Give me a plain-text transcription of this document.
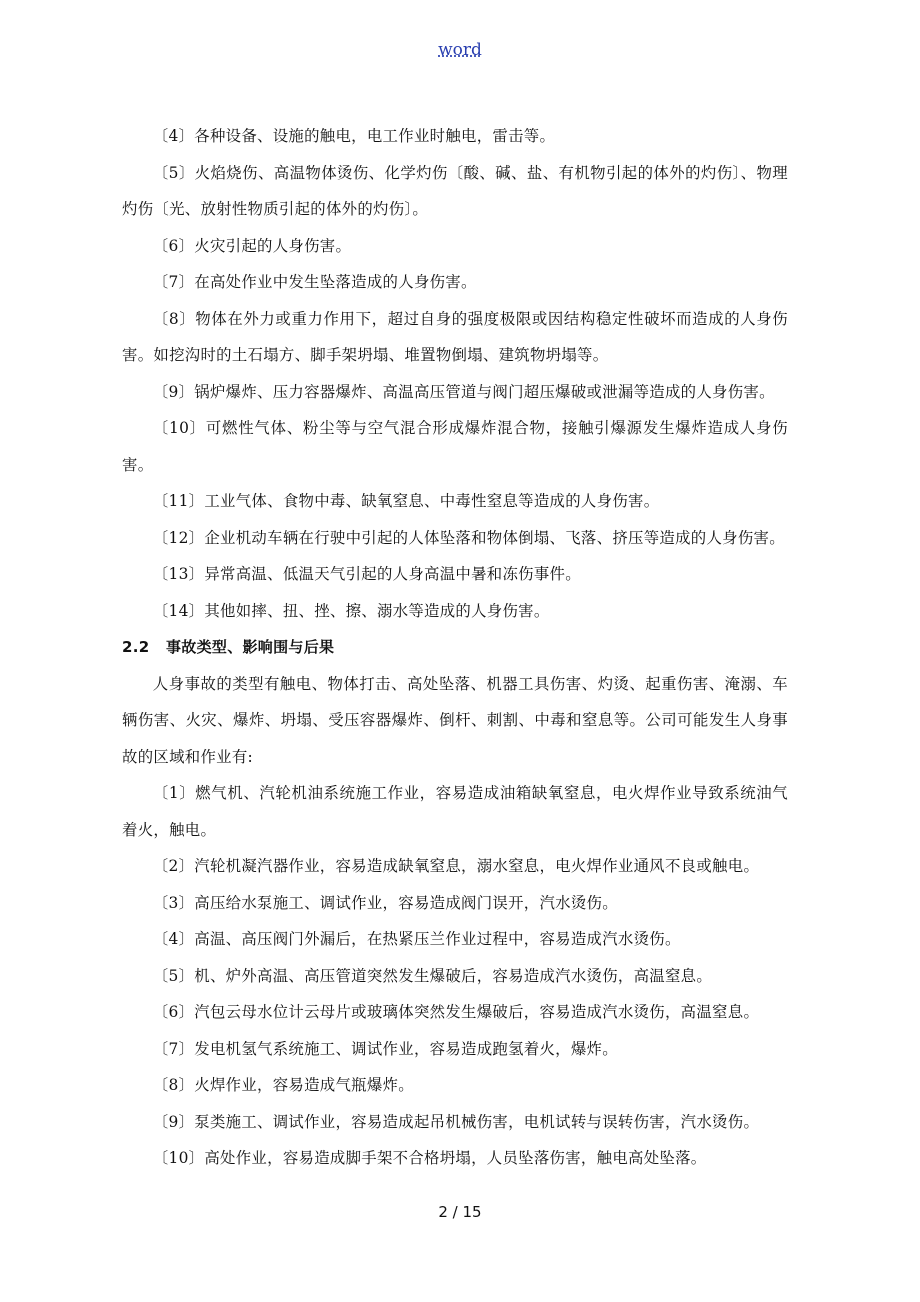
word

〔4〕各种设备、设施的触电，电工作业时触电，雷击等。

〔5〕火焰烧伤、高温物体烫伤、化学灼伤〔酸、碱、盐、有机物引起的体外的灼伤〕、物理灼伤〔光、放射性物质引起的体外的灼伤〕。

〔6〕火灾引起的人身伤害。

〔7〕在高处作业中发生坠落造成的人身伤害。

〔8〕物体在外力或重力作用下，超过自身的强度极限或因结构稳定性破坏而造成的人身伤害。如挖沟时的土石塌方、脚手架坍塌、堆置物倒塌、建筑物坍塌等。

〔9〕锅炉爆炸、压力容器爆炸、高温高压管道与阀门超压爆破或泄漏等造成的人身伤害。

〔10〕可燃性气体、粉尘等与空气混合形成爆炸混合物，接触引爆源发生爆炸造成人身伤害。

〔11〕工业气体、食物中毒、缺氧窒息、中毒性窒息等造成的人身伤害。

〔12〕企业机动车辆在行驶中引起的人体坠落和物体倒塌、飞落、挤压等造成的人身伤害。

〔13〕异常高温、低温天气引起的人身高温中暑和冻伤事件。

〔14〕其他如摔、扭、挫、擦、溺水等造成的人身伤害。

2.2 事故类型、影响围与后果

人身事故的类型有触电、物体打击、高处坠落、机器工具伤害、灼烫、起重伤害、淹溺、车辆伤害、火灾、爆炸、坍塌、受压容器爆炸、倒杆、刺割、中毒和窒息等。公司可能发生人身事故的区域和作业有:

〔1〕燃气机、汽轮机油系统施工作业，容易造成油箱缺氧窒息，电火焊作业导致系统油气着火，触电。

〔2〕汽轮机凝汽器作业，容易造成缺氧窒息，溺水窒息，电火焊作业通风不良或触电。

〔3〕高压给水泵施工、调试作业，容易造成阀门误开，汽水烫伤。

〔4〕高温、高压阀门外漏后，在热紧压兰作业过程中，容易造成汽水烫伤。

〔5〕机、炉外高温、高压管道突然发生爆破后，容易造成汽水烫伤，高温窒息。

〔6〕汽包云母水位计云母片或玻璃体突然发生爆破后，容易造成汽水烫伤，高温窒息。

〔7〕发电机氢气系统施工、调试作业，容易造成跑氢着火，爆炸。

〔8〕火焊作业，容易造成气瓶爆炸。

〔9〕泵类施工、调试作业，容易造成起吊机械伤害，电机试转与误转伤害，汽水烫伤。

〔10〕高处作业，容易造成脚手架不合格坍塌，人员坠落伤害，触电高处坠落。

2 / 15
